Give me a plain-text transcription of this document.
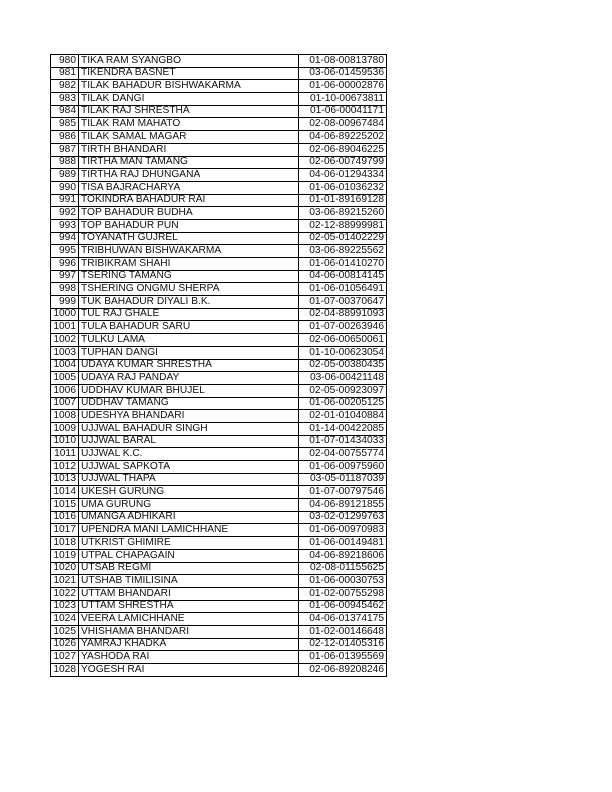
980	TIKA RAM SYANGBO	01-08-00813780
981	TIKENDRA BASNET	03-06-01459536
982	TILAK BAHADUR BISHWAKARMA	01-06-00002876
983	TILAK DANGI	01-10-00673811
984	TILAK RAJ SHRESTHA	01-06-00041171
985	TILAK RAM MAHATO	02-08-00967484
986	TILAK SAMAL MAGAR	04-06-89225202
987	TIRTH BHANDARI	02-06-89046225
988	TIRTHA MAN TAMANG	02-06-00749799
989	TIRTHA RAJ DHUNGANA	04-06-01294334
990	TISA BAJRACHARYA	01-06-01036232
991	TOKINDRA BAHADUR RAI	01-01-89169128
992	TOP BAHADUR BUDHA	03-06-89215260
993	TOP BAHADUR PUN	02-12-88999981
994	TOYANATH GUJREL	02-05-01402229
995	TRIBHUWAN BISHWAKARMA	03-06-89225562
996	TRIBIKRAM SHAHI	01-06-01410270
997	TSERING TAMANG	04-06-00814145
998	TSHERING ONGMU SHERPA	01-06-01056491
999	TUK BAHADUR DIYALI B.K.	01-07-00370647
1000	TUL RAJ GHALE	02-04-88991093
1001	TULA BAHADUR SARU	01-07-00263946
1002	TULKU LAMA	02-06-00650061
1003	TUPHAN DANGI	01-10-00623054
1004	UDAYA KUMAR SHRESTHA	02-05-00380435
1005	UDAYA RAJ PANDAY	03-06-00421148
1006	UDDHAV KUMAR BHUJEL	02-05-00923097
1007	UDDHAV TAMANG	01-06-00205125
1008	UDESHYA BHANDARI	02-01-01040884
1009	UJJWAL BAHADUR SINGH	01-14-00422085
1010	UJJWAL BARAL	01-07-01434033
1011	UJJWAL K.C.	02-04-00755774
1012	UJJWAL SAPKOTA	01-06-00975960
1013	UJJWAL THAPA	03-05-01187039
1014	UKESH GURUNG	01-07-00797546
1015	UMA GURUNG	04-06-89121855
1016	UMANGA ADHIKARI	03-02-01299763
1017	UPENDRA MANI LAMICHHANE	01-06-00970983
1018	UTKRIST GHIMIRE	01-06-00149481
1019	UTPAL CHAPAGAIN	04-06-89218606
1020	UTSAB REGMI	02-08-01155625
1021	UTSHAB TIMILISINA	01-06-00030753
1022	UTTAM BHANDARI	01-02-00755298
1023	UTTAM SHRESTHA	01-06-00945462
1024	VEERA LAMICHHANE	04-06-01374175
1025	VHISHAMA BHANDARI	01-02-00146648
1026	YAMRAJ KHADKA	02-12-01405316
1027	YASHODA RAI	01-06-01395569
1028	YOGESH RAI	02-06-89208246
